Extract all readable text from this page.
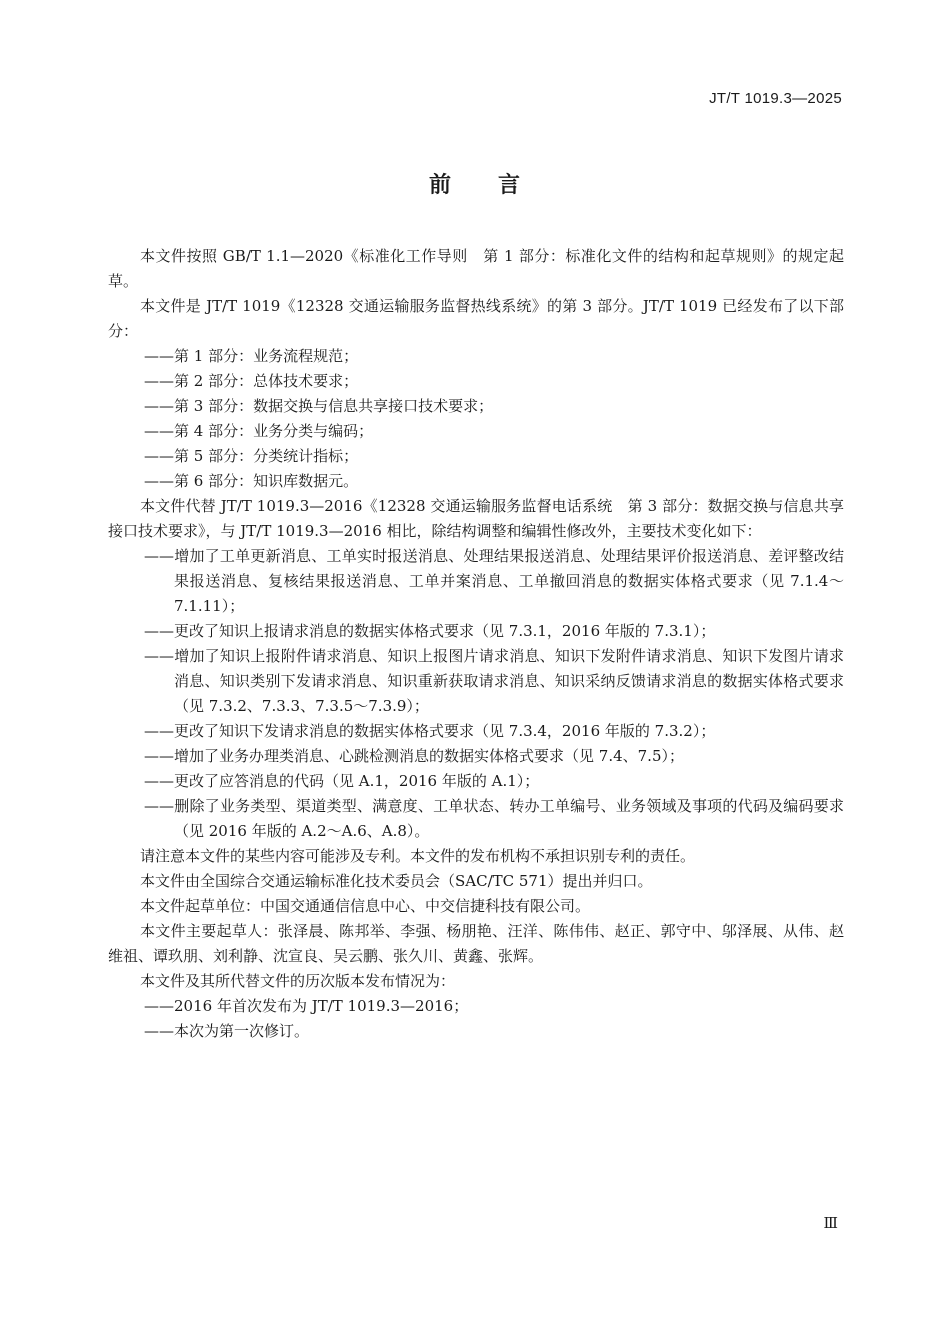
JT/T 1019.3—2025

前 言

本文件按照 GB/T 1.1—2020《标准化工作导则　第 1 部分：标准化文件的结构和起草规则》的规定起草。

本文件是 JT/T 1019《12328 交通运输服务监督热线系统》的第 3 部分。JT/T 1019 已经发布了以下部分：

——第 1 部分：业务流程规范；

——第 2 部分：总体技术要求；

——第 3 部分：数据交换与信息共享接口技术要求；

——第 4 部分：业务分类与编码；

——第 5 部分：分类统计指标；

——第 6 部分：知识库数据元。

本文件代替 JT/T 1019.3—2016《12328 交通运输服务监督电话系统　第 3 部分：数据交换与信息共享接口技术要求》，与 JT/T 1019.3—2016 相比，除结构调整和编辑性修改外，主要技术变化如下：

——增加了工单更新消息、工单实时报送消息、处理结果报送消息、处理结果评价报送消息、差评整改结果报送消息、复核结果报送消息、工单并案消息、工单撤回消息的数据实体格式要求（见 7.1.4～7.1.11）；

——更改了知识上报请求消息的数据实体格式要求（见 7.3.1，2016 年版的 7.3.1）；

——增加了知识上报附件请求消息、知识上报图片请求消息、知识下发附件请求消息、知识下发图片请求消息、知识类别下发请求消息、知识重新获取请求消息、知识采纳反馈请求消息的数据实体格式要求（见 7.3.2、7.3.3、7.3.5～7.3.9）；

——更改了知识下发请求消息的数据实体格式要求（见 7.3.4，2016 年版的 7.3.2）；

——增加了业务办理类消息、心跳检测消息的数据实体格式要求（见 7.4、7.5）；

——更改了应答消息的代码（见 A.1，2016 年版的 A.1）；

——删除了业务类型、渠道类型、满意度、工单状态、转办工单编号、业务领域及事项的代码及编码要求（见 2016 年版的 A.2～A.6、A.8）。

请注意本文件的某些内容可能涉及专利。本文件的发布机构不承担识别专利的责任。

本文件由全国综合交通运输标准化技术委员会（SAC/TC 571）提出并归口。

本文件起草单位：中国交通通信信息中心、中交信捷科技有限公司。

本文件主要起草人：张泽晨、陈邦举、李强、杨朋艳、汪洋、陈伟伟、赵正、郭守中、邬泽展、从伟、赵维祖、谭玖朋、刘利静、沈宣良、吴云鹏、张久川、黄鑫、张辉。

本文件及其所代替文件的历次版本发布情况为：

——2016 年首次发布为 JT/T 1019.3—2016；

——本次为第一次修订。

Ⅲ
